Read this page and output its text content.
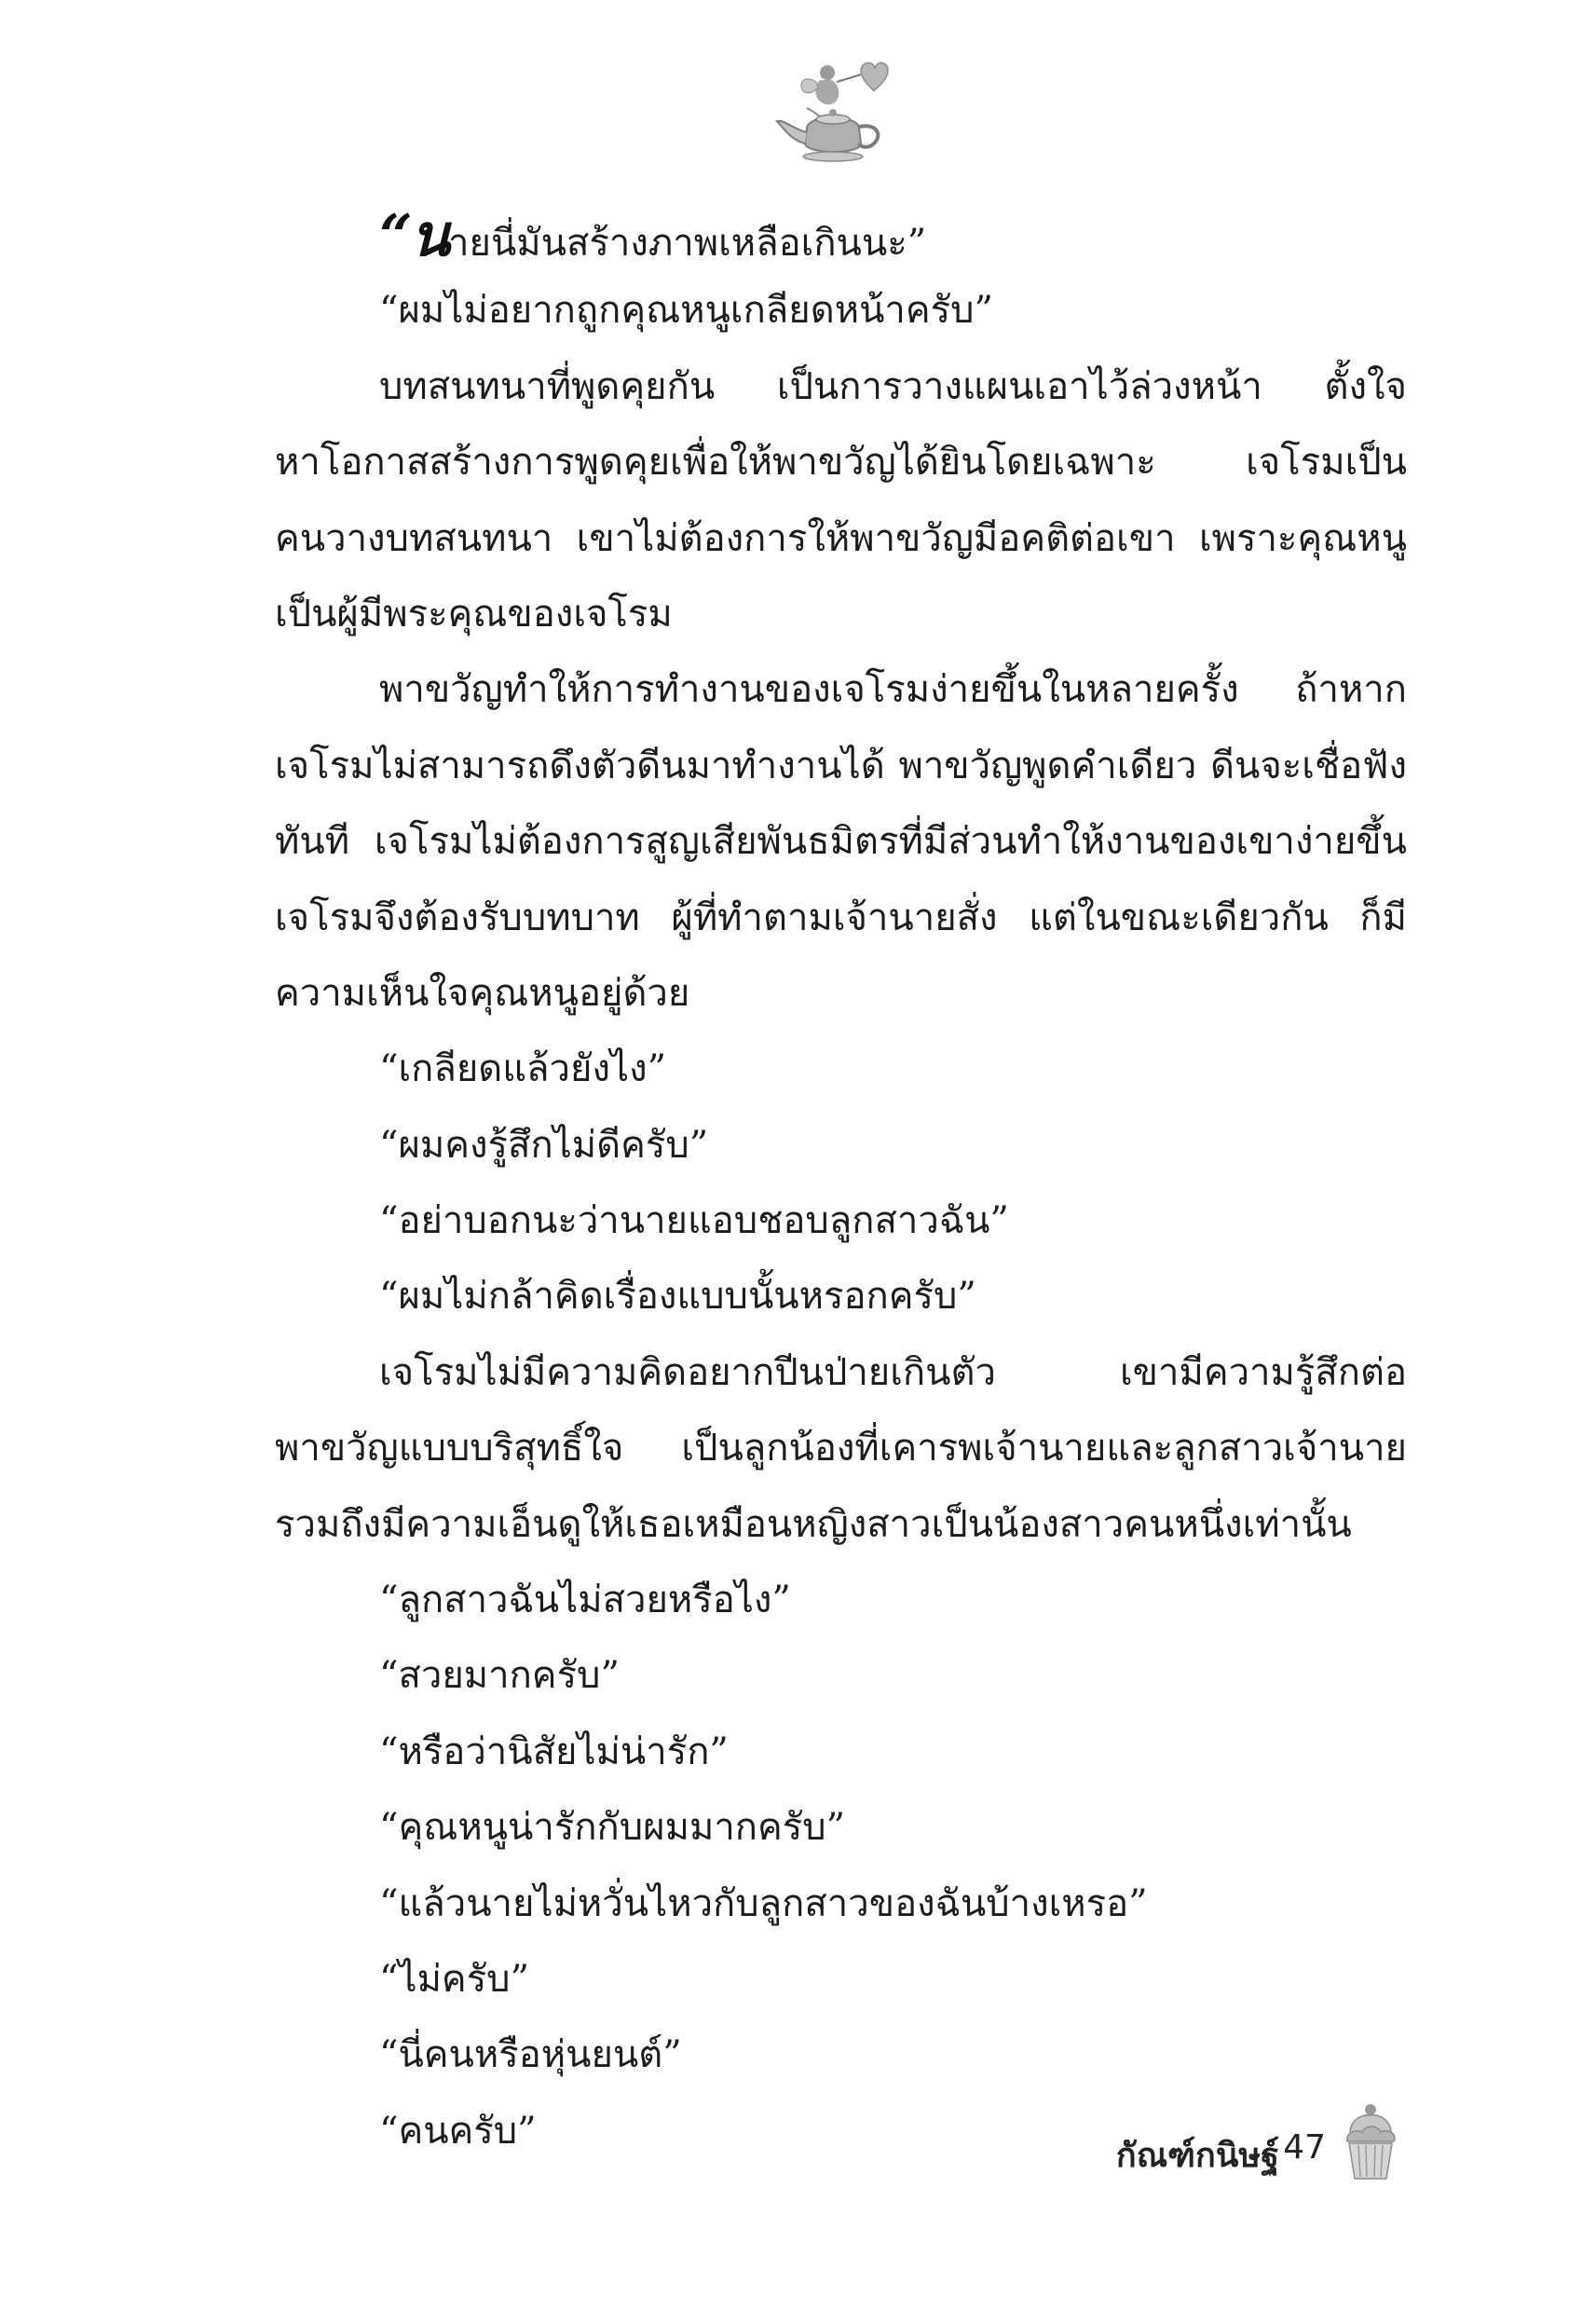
“นายนี่มันสร้างภาพเหลือเกินนะ”
“ผมไม่อยากถูกคุณหนูเกลียดหน้าครับ”
บทสนทนาที่พูดคุยกัน เป็นการวางแผนเอาไว้ล่วงหน้า ตั้งใจ
หาโอกาสสร้างการพูดคุยเพื่อให้พาขวัญได้ยินโดยเฉพาะ เจโรมเป็น
คนวางบทสนทนา เขาไม่ต้องการให้พาขวัญมีอคติต่อเขา เพราะคุณหนู
เป็นผู้มีพระคุณของเจโรม
พาขวัญทำให้การทำงานของเจโรมง่ายขึ้นในหลายครั้ง ถ้าหาก
เจโรมไม่สามารถดึงตัวดีนมาทำงานได้ พาขวัญพูดคำเดียว ดีนจะเชื่อฟัง
ทันที เจโรมไม่ต้องการสูญเสียพันธมิตรที่มีส่วนทำให้งานของเขาง่ายขึ้น
เจโรมจึงต้องรับบทบาท ผู้ที่ทำตามเจ้านายสั่ง แต่ในขณะเดียวกัน ก็มี
ความเห็นใจคุณหนูอยู่ด้วย
“เกลียดแล้วยังไง”
“ผมคงรู้สึกไม่ดีครับ”
“อย่าบอกนะว่านายแอบชอบลูกสาวฉัน”
“ผมไม่กล้าคิดเรื่องแบบนั้นหรอกครับ”
เจโรมไม่มีความคิดอยากปีนป่ายเกินตัว เขามีความรู้สึกต่อ
พาขวัญแบบบริสุทธิ์ใจ เป็นลูกน้องที่เคารพเจ้านายและลูกสาวเจ้านาย
รวมถึงมีความเอ็นดูให้เธอเหมือนหญิงสาวเป็นน้องสาวคนหนึ่งเท่านั้น
“ลูกสาวฉันไม่สวยหรือไง”
“สวยมากครับ”
“หรือว่านิสัยไม่น่ารัก”
“คุณหนูน่ารักกับผมมากครับ”
“แล้วนายไม่หวั่นไหวกับลูกสาวของฉันบ้างเหรอ”
“ไม่ครับ”
“นี่คนหรือหุ่นยนต์”
“คนครับ”
กัณฑ์กนิษฐ์ 47
